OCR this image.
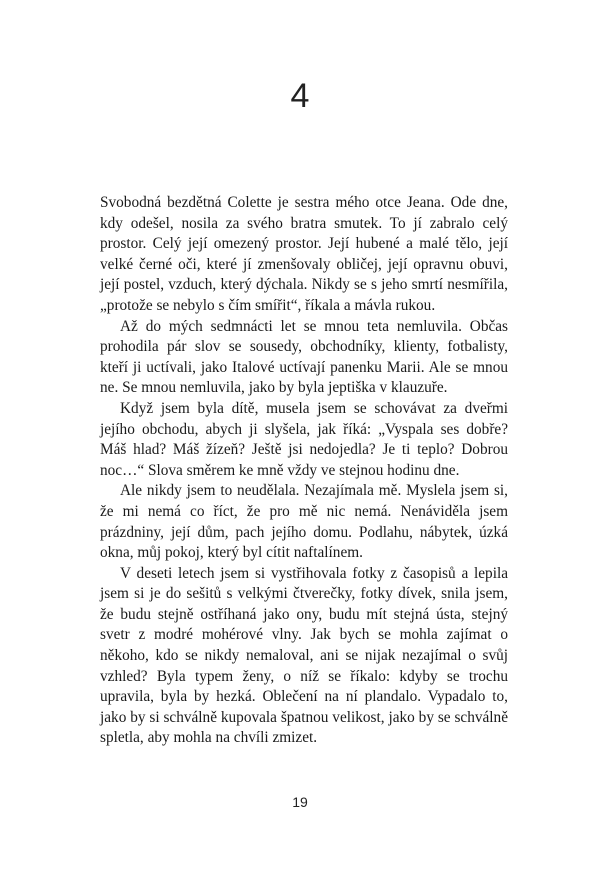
4

Svobodná bezdětná Colette je sestra mého otce Jeana. Ode dne, kdy odešel, nosila za svého bratra smutek. To jí zabralo celý prostor. Celý její omezený prostor. Její hubené a malé tělo, její velké černé oči, které jí zmenšovaly obličej, její opravnu obuvi, její postel, vzduch, který dýchala. Nikdy se s jeho smrtí nesmířila, „protože se nebylo s čím smířit“, říkala a mávla rukou.

Až do mých sedmnácti let se mnou teta nemluvila. Občas prohodila pár slov se sousedy, obchodníky, klienty, fotbalisty, kteří ji uctívali, jako Italové uctívají panenku Marii. Ale se mnou ne. Se mnou nemluvila, jako by byla jeptiška v klauzuře.

Když jsem byla dítě, musela jsem se schovávat za dveřmi jejího obchodu, abych ji slyšela, jak říká: „Vyspala ses dobře? Máš hlad? Máš žízeň? Ještě jsi nedojedla? Je ti teplo? Dobrou noc…“ Slova směrem ke mně vždy ve stejnou hodinu dne.

Ale nikdy jsem to neudělala. Nezajímala mě. Myslela jsem si, že mi nemá co říct, že pro mě nic nemá. Nenáviděla jsem prázdniny, její dům, pach jejího domu. Podlahu, nábytek, úzká okna, můj pokoj, který byl cítit naftalínem.

V deseti letech jsem si vystřihovala fotky z časopisů a lepila jsem si je do sešitů s velkými čtverečky, fotky dívek, snila jsem, že budu stejně ostříhaná jako ony, budu mít stejná ústa, stejný svetr z modré mohérové vlny. Jak bych se mohla zajímat o někoho, kdo se nikdy nemaloval, ani se nijak nezajímal o svůj vzhled? Byla typem ženy, o níž se říkalo: kdyby se trochu upravila, byla by hezká. Oblečení na ní plandalo. Vypadalo to, jako by si schválně kupovala špatnou velikost, jako by se schválně spletla, aby mohla na chvíli zmizet.

19
